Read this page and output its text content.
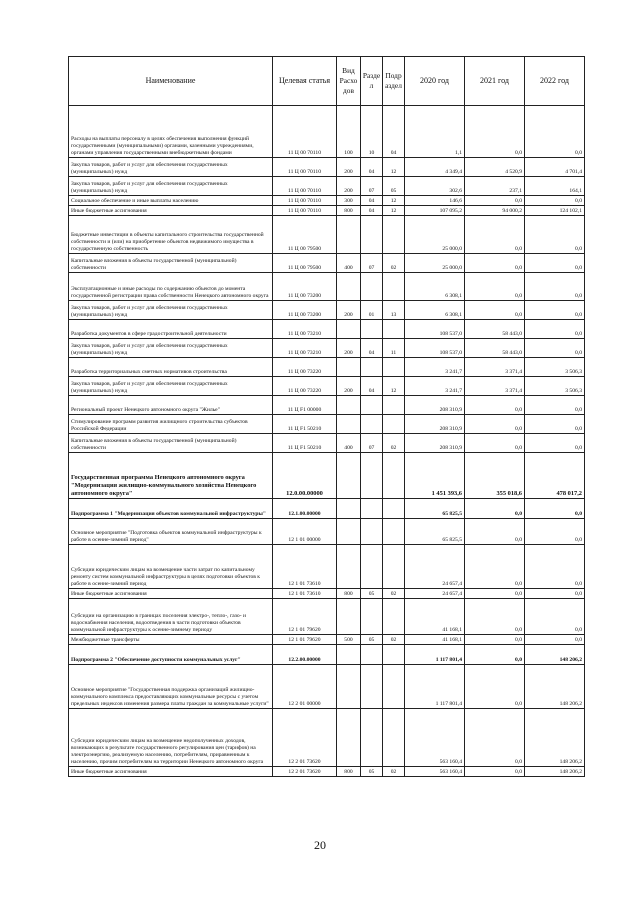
Наименование	Целевая статья	Вид Расхо дов	Разде л	Подр аздел	2020 год	2021 год	2022 год
Расходы на выплаты персоналу в целях обеспечения выполнения функций государственными (муниципальными) органами, казенными учреждениями, органами управления государственными внебюджетными фондами	11 Ц 00 70110	100	10	04	1,1	0,0	0,0
Закупка товаров, работ и услуг для обеспечения государственных (муниципальных) нужд	11 Ц 00 70110	200	04	12	4 349,4	4 520,9	4 701,4
Закупка товаров, работ и услуг для обеспечения государственных (муниципальных) нужд	11 Ц 00 70110	200	07	05	302,6	237,1	164,1
Социальное обеспечение и иные выплаты населению	11 Ц 00 70110	300	04	12	146,6	0,0	0,0
Иные бюджетные ассигнования	11 Ц 00 70110	800	04	12	107 095,2	94 000,2	124 102,1
Бюджетные инвестиции в объекты капитального строительства государственной собственности и (или) на приобретение объектов недвижимого имущества в государственную собственность	11 Ц 00 79500				25 000,0	0,0	0,0
Капитальные вложения в объекты государственной (муниципальной) собственности	11 Ц 00 79500	400	07	02	25 000,0	0,0	0,0
Эксплуатационные и иные расходы по содержанию объектов до момента государственной регистрации права собственности Ненецкого автономного округа	11 Ц 00 73200				6 308,1	0,0	0,0
Закупка товаров, работ и услуг для обеспечения государственных (муниципальных) нужд	11 Ц 00 73200	200	01	13	6 308,1	0,0	0,0
Разработка документов в сфере градостроительной деятельности	11 Ц 00 73210				108 537,0	58 443,0	0,0
Закупка товаров, работ и услуг для обеспечения государственных (муниципальных) нужд	11 Ц 00 73210	200	04	11	108 537,0	58 443,0	0,0
Разработка территориальных сметных нормативов строительства	11 Ц 00 73220				3 241,7	3 371,4	3 506,3
Закупка товаров, работ и услуг для обеспечения государственных (муниципальных) нужд	11 Ц 00 73220	200	04	12	3 241,7	3 371,4	3 506,3
Региональный проект Ненецкого автономного округа "Жилье"	11 Ц F1 00000				208 310,9	0,0	0,0
Стимулирование программ развития жилищного строительства субъектов Российской Федерации	11 Ц F1 50210				208 310,9	0,0	0,0
Капитальные вложения в объекты государственной (муниципальной) собственности	11 Ц F1 50210	400	07	02	208 310,9	0,0	0,0
Государственная программа Ненецкого автономного округа "Модернизация жилищно-коммунального хозяйства Ненецкого автономного округа"	12.0.00.00000				1 451 393,6	355 018,6	478 017,2
Подпрограмма 1 "Модернизация объектов коммунальной инфраструктуры"	12.1.00.00000				65 825,5	0,0	0,0
Основное мероприятие "Подготовка объектов коммунальной инфраструктуры к работе в осенне-зимний период"	12 1 01 00000				65 825,5	0,0	0,0
Субсидии юридическим лицам на возмещение части затрат по капитальному ремонту систем коммунальной инфраструктуры в целях подготовки объектов к работе в осенне-зимний период	12 1 01 73610				24 657,4	0,0	0,0
Иные бюджетные ассигнования	12 1 01 73610	800	05	02	24 657,4	0,0	0,0
Субсидии на организацию в границах поселения электро-, тепло-, газо- и водоснабжения населения, водоотведения в части подготовки объектов коммунальной инфраструктуры к осенне-зимнему периоду	12 1 01 79620				41 168,1	0,0	0,0
Межбюджетные трансферты	12 1 01 79620	500	05	02	41 168,1	0,0	0,0
Подпрограмма 2 "Обеспечение доступности коммунальных услуг"	12.2.00.00000				1 117 801,4	0,0	148 206,2
Основное мероприятие "Государственная поддержка организаций жилищно-коммунального комплекса предоставляющих коммунальные ресурсы с учетом предельных индексов изменения размера платы граждан за коммунальные услуги"	12 2 01 00000				1 117 801,4	0,0	148 206,2
Субсидии юридическим лицам на возмещение недополученных доходов, возникающих в результате государственного регулирования цен (тарифов) на электроэнергию, реализуемую населению, потребителям, приравненным к населению, прочим потребителям на территории Ненецкого автономного округа	12 2 01 73620				563 160,4	0,0	148 206,2
Иные бюджетные ассигнования	12 2 01 73620	800	05	02	563 160,4	0,0	148 206,2
20
